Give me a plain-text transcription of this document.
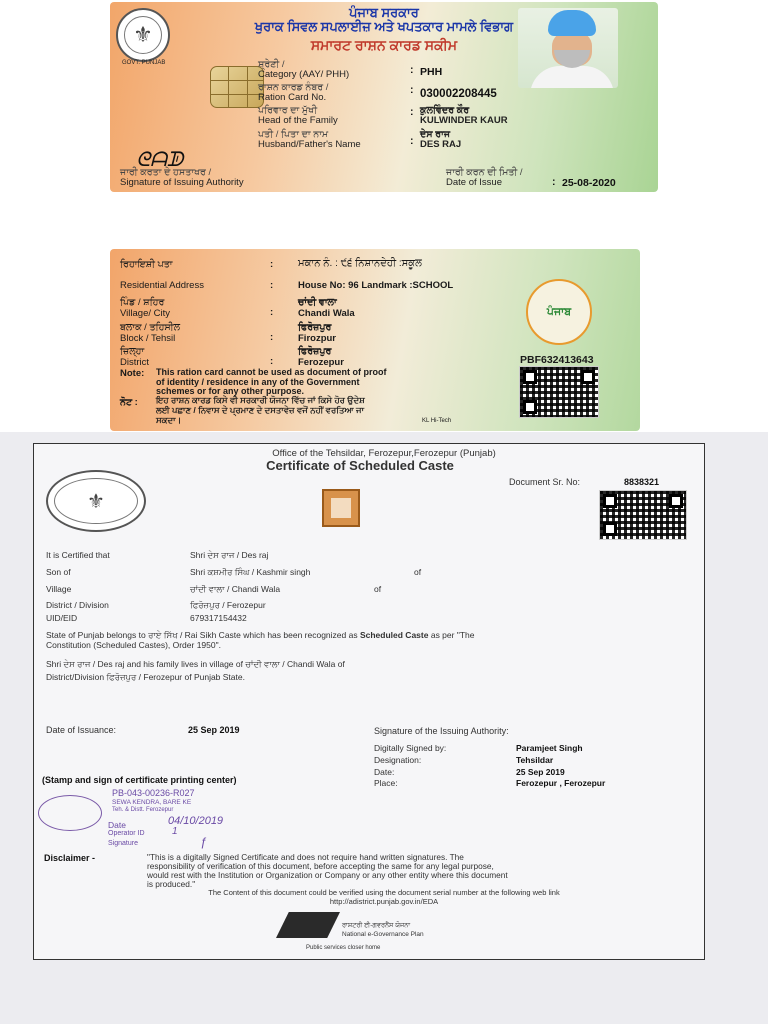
⚜
GOVT. PUNJAB
ਪੰਜਾਬ ਸਰਕਾਰ
ਖੁਰਾਕ ਸਿਵਲ ਸਪਲਾਈਜ਼ ਅਤੇ ਖਪਤਕਾਰ ਮਾਮਲੇ ਵਿਭਾਗ
ਸਮਾਰਟ ਰਾਸ਼ਨ ਕਾਰਡ ਸਕੀਮ
ਸ਼੍ਰੇਣੀ /
Category (AAY/ PHH)	: PHH
ਰਾਸ਼ਨ ਕਾਰਡ ਨੰਬਰ /
Ration Card No.
: 030002208445
ਪਰਿਵਾਰ ਦਾ ਮੁੱਖੀ
Head of the Family
: ਕੁਲਵਿੰਦਰ ਕੌਰ
KULWINDER KAUR
ਪਤੀ / ਪਿਤਾ ਦਾ ਨਾਮ
Husband/Father's Name	:
ਦੇਸ ਰਾਜ
DES RAJ
ᘓᗩᗫ
ਜਾਰੀ ਕਰਤਾ ਦੇ ਹਸਤਾਖਰ /
Signature of Issuing Authority
ਜਾਰੀ ਕਰਨ ਦੀ ਮਿਤੀ /
Date of Issue	: 25-08-2020
ਰਿਹਾਇਸ਼ੀ ਪਤਾ	: ਮਕਾਨ ਨੰ. : ੯੬ ਨਿਸ਼ਾਨਦੇਹੀ :ਸਕੂਲ
Residential Address	:	House No: 96 Landmark :SCHOOL
ਪਿੰਡ / ਸ਼ਹਿਰ
Village/ City	:
ਚਾਂਦੀ ਵਾਲਾ
Chandi Wala
ਬਲਾਕ / ਤਹਿਸੀਲ
Block / Tehsil	:
ਫਿਰੋਜ਼ਪੁਰ
Firozpur
ਜ਼ਿਲ੍ਹਾ
District	:
ਫਿਰੋਜ਼ਪੁਰ
Ferozepur
ਪੰਜਾਬ
PBF632413643
Note: This ration card cannot be used as document of proof
of identity / residence in any of the Government
schemes or for any other purpose.
ਨੋਟ : ਇਹ ਰਾਸ਼ਨ ਕਾਰਡ ਕਿਸੇ ਵੀ ਸਰਕਾਰੀ ਯੋਜਨਾ ਵਿੱਚ ਜਾਂ ਕਿਸੇ ਹੋਰ ਉਦੇਸ਼
ਲਈ ਪਛਾਣ / ਨਿਵਾਸ ਦੇ ਪ੍ਰਮਾਣ ਦੇ ਦਸਤਾਵੇਜ਼ ਵਜੋਂ ਨਹੀਂ ਵਰਤਿਆ ਜਾ
ਸਕਦਾ।	KL Hi-Tech
Office of the Tehsildar, Ferozepur,Ferozepur (Punjab)
Certificate of Scheduled Caste
⚜
Document Sr. No:	8838321
It is Certified that	Shri ਦੇਸ ਰਾਜ / Des raj
Son of	Shri ਕਸ਼ਮੀਰ ਸਿੰਘ / Kashmir singh	of
Village	ਚਾਂਦੀ ਵਾਲਾ / Chandi Wala	of
District / Division	ਫਿਰੋਜ਼ਪੁਰ / Ferozepur
UID/EID	679317154432
State of Punjab belongs to ਰਾਏ ਸਿੱਖ / Rai Sikh Caste which has been recognized as Scheduled Caste as per "The
Constitution (Scheduled Castes), Order 1950".
Shri ਦੇਸ ਰਾਜ / Des raj and his family lives in village of ਚਾਂਦੀ ਵਾਲਾ / Chandi Wala of
District/Division ਫਿਰੋਜ਼ਪੁਰ / Ferozepur of Punjab State.
Date of Issuance:	25 Sep 2019	Signature of the Issuing Authority:
Digitally Signed by:	Paramjeet Singh
Designation:	Tehsildar
Date:	25 Sep 2019
Place:	Ferozepur , Ferozepur
(Stamp and sign of certificate printing center)
PB-043-00236-R027
SEWA KENDRA, BARE KE
Teh. & Distt. Ferozepur
Date	04/10/2019
Operator ID	1
Signature	ƒ
Disclaimer -	"This is a digitally Signed Certificate and does not require hand written signatures. The
responsibility of verification of this document, before accepting the same for any legal purpose,
would rest with the Institution or Organization or Company or any other entity where this document
is produced."
The Content of this document could be verified using the document serial number at the following web link
http://adistrict.punjab.gov.in/EDA
ਰਾਸ਼ਟਰੀ ਈ-ਗਵਰਨੈਂਸ ਯੋਜਨਾ
National e-Governance Plan
Public services closer home
